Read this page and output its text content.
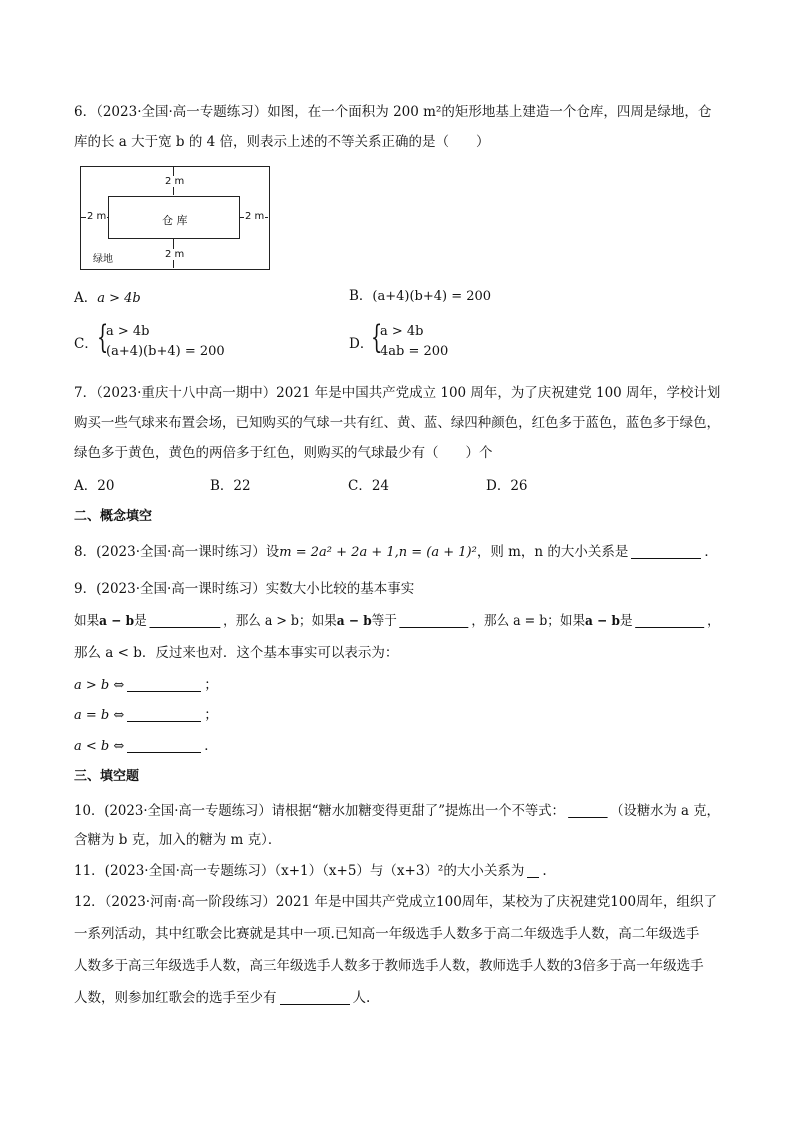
6．（2023·全国·高一专题练习）如图，在一个面积为 200 m²的矩形地基上建造一个仓库，四周是绿地，仓
库的长 a 大于宽 b 的 4 倍，则表示上述的不等关系正确的是（　　）
仓 库
2 m
2 m
2 m	2 m
绿地
A．a > 4b	B．(a+4)(b+4) = 200
C． {
a > 4b
(a+4)(b+4) = 200	D．
{
a > 4b
4ab = 200
7．（2023·重庆十八中高一期中）2021 年是中国共产党成立 100 周年，为了庆祝建党 100 周年，学校计划
购买一些气球来布置会场，已知购买的气球一共有红、黄、蓝、绿四种颜色，红色多于蓝色，蓝色多于绿色，
绿色多于黄色，黄色的两倍多于红色，则购买的气球最少有（　　）个
A．20	B．22	C．24	D．26
二、概念填空
8．(2023·全国·高一课时练习）设m = 2a² + 2a + 1,n = (a + 1)²，则 m，n 的大小关系是	．
9．(2023·全国·高一课时练习）实数大小比较的基本事实
如果a − b是	，那么 a > b；如果a − b等于	，那么 a = b；如果a − b是	，
那么 a < b．反过来也对．这个基本事实可以表示为：
a > b ⇔	；
a = b ⇔	；
a < b ⇔	．
三、填空题
10．(2023·全国·高一专题练习）请根据“糖水加糖变得更甜了”提炼出一个不等式：	（设糖水为 a 克，
含糖为 b 克，加入的糖为 m 克）．
11．(2023·全国·高一专题练习）（x+1）（x+5）与（x+3）²的大小关系为 .
12．（2023·河南·高一阶段练习）2021 年是中国共产党成立100周年，某校为了庆祝建党100周年，组织了
一系列活动，其中红歌会比赛就是其中一项.已知高一年级选手人数多于高二年级选手人数，高二年级选手
人数多于高三年级选手人数，高三年级选手人数多于教师选手人数，教师选手人数的3倍多于高一年级选手
人数，则参加红歌会的选手至少有	人.
